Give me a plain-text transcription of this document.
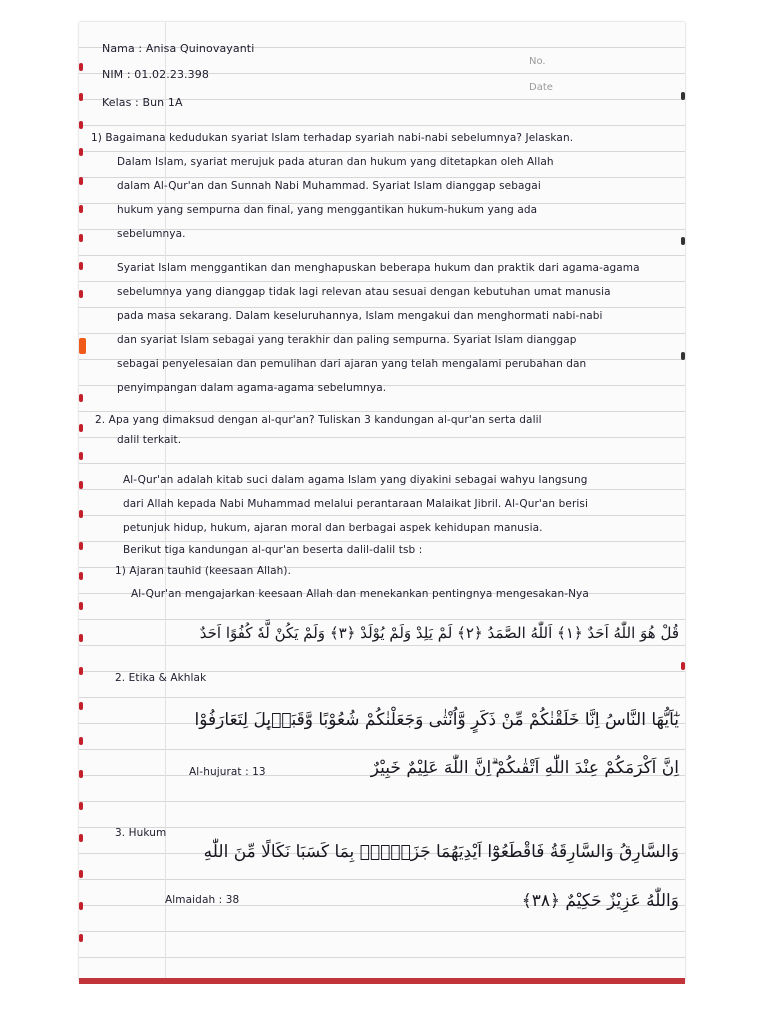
No.
Date
Nama : Anisa Quinovayanti
NIM : 01.02.23.398
Kelas : Bun 1A
1) Bagaimana kedudukan syariat Islam terhadap syariah nabi-nabi sebelumnya? Jelaskan.
Dalam Islam, syariat merujuk pada aturan dan hukum yang ditetapkan oleh Allah
dalam Al-Qur'an dan Sunnah Nabi Muhammad. Syariat Islam dianggap sebagai
hukum yang sempurna dan final, yang menggantikan hukum-hukum yang ada
sebelumnya.
Syariat Islam menggantikan dan menghapuskan beberapa hukum dan praktik dari agama-agama
sebelumnya yang dianggap tidak lagi relevan atau sesuai dengan kebutuhan umat manusia
pada masa sekarang. Dalam keseluruhannya, Islam mengakui dan menghormati nabi-nabi
dan syariat Islam sebagai yang terakhir dan paling sempurna. Syariat Islam dianggap
sebagai penyelesaian dan pemulihan dari ajaran yang telah mengalami perubahan dan
penyimpangan dalam agama-agama sebelumnya.
2. Apa yang dimaksud dengan al-qur'an? Tuliskan 3 kandungan al-qur'an serta dalil
dalil terkait.
Al-Qur'an adalah kitab suci dalam agama Islam yang diyakini sebagai wahyu langsung
dari Allah kepada Nabi Muhammad melalui perantaraan Malaikat Jibril. Al-Qur'an berisi
petunjuk hidup, hukum, ajaran moral dan berbagai aspek kehidupan manusia.
Berikut tiga kandungan al-qur'an beserta dalil-dalil tsb :
1) Ajaran tauhid (keesaan Allah).
Al-Qur'an mengajarkan keesaan Allah dan menekankan pentingnya mengesakan-Nya
قُلْ هُوَ اللّٰهُ اَحَدٌ ﴿١﴾ اَللّٰهُ الصَّمَدُ ﴿٢﴾ لَمْ يَلِدْ وَلَمْ يُوْلَدْ ﴿٣﴾ وَلَمْ يَكُنْ لَّهٗ كُفُوًا اَحَدٌ
2. Etika & Akhlak
يٰٓاَيُّهَا النَّاسُ اِنَّا خَلَقْنٰكُمْ مِّنْ ذَكَرٍ وَّاُنْثٰى وَجَعَلْنٰكُمْ شُعُوْبًا وَّقَبَاۤىِٕلَ لِتَعَارَفُوْا
Al-hujurat : 13	اِنَّ اَكْرَمَكُمْ عِنْدَ اللّٰهِ اَتْقٰىكُمْ ۗاِنَّ اللّٰهَ عَلِيْمٌ خَبِيْرٌ
3. Hukum
وَالسَّارِقُ وَالسَّارِقَةُ فَاقْطَعُوْٓا اَيْدِيَهُمَا جَزَاۤءًۢ بِمَا كَسَبَا نَكَالًا مِّنَ اللّٰهِ
Almaidah : 38	وَاللّٰهُ عَزِيْزٌ حَكِيْمٌ ﴿٣٨﴾
